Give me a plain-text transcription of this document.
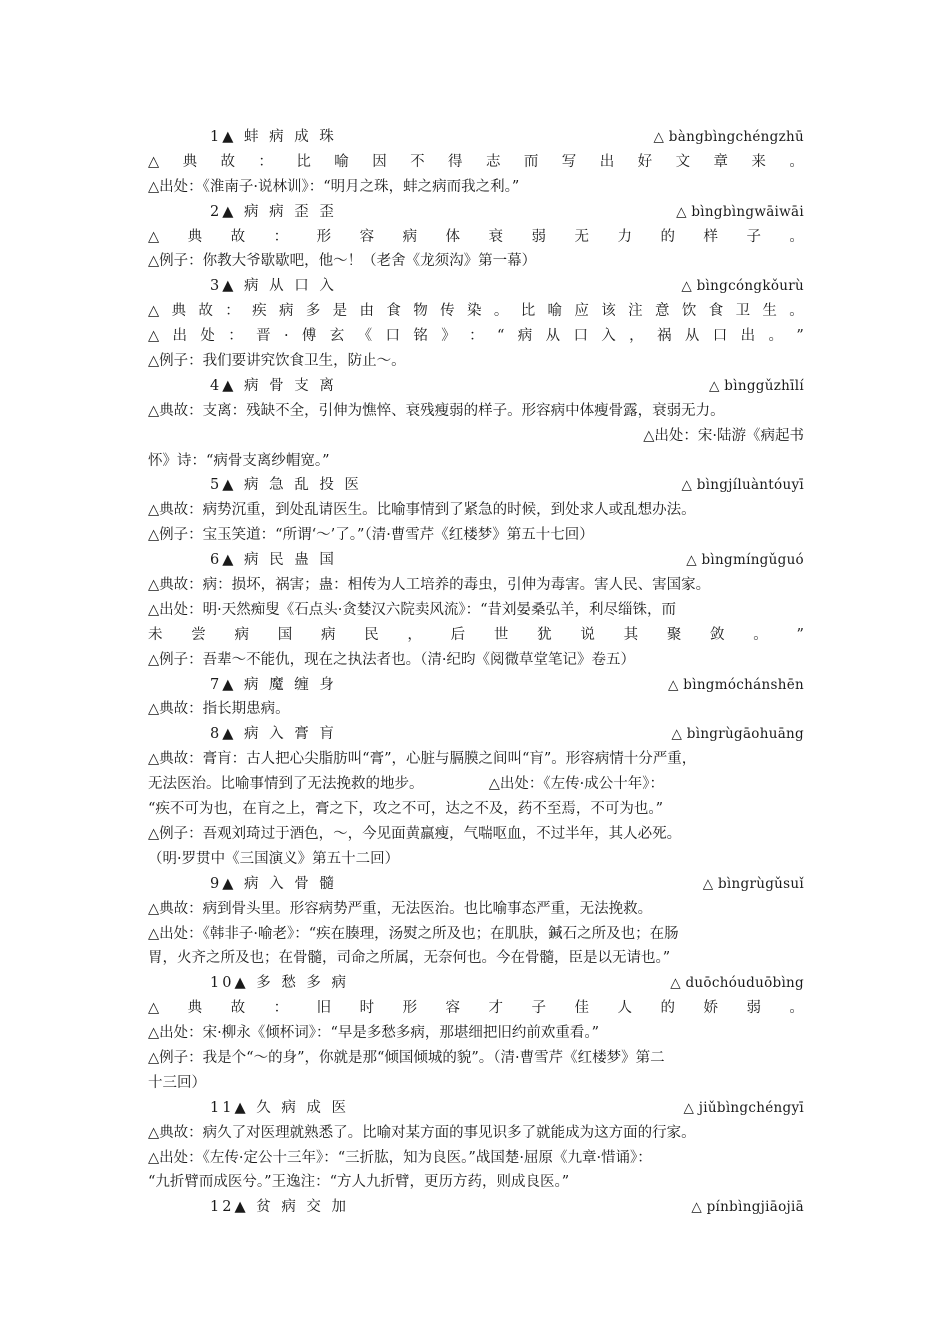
1▲ 蚌 病 成 珠	△ bàngbìngchéngzhū
△ 典 故 ： 比 喻 因 不 得 志 而 写 出 好 文 章 来 。
△出处：《淮南子·说林训》：“明月之珠，蚌之病而我之利。”
2▲ 病 病 歪 歪	△ bìngbìngwāiwāi
△ 典 故 ： 形 容 病 体 衰 弱 无 力 的 样 子 。
△例子：你教大爷歇歇吧，他～！（老舍《龙须沟》第一幕）
3▲ 病 从 口 入	△ bìngcóngkǒurù
△ 典 故 ： 疾 病 多 是 由 食 物 传 染 。 比 喻 应 该 注 意 饮 食 卫 生 。
△ 出 处 ： 晋 · 傅 玄 《 口 铭 》 ： “ 病 从 口 入 ， 祸 从 口 出 。 ”
△例子：我们要讲究饮食卫生，防止～。
4▲ 病 骨 支 离	△ bìnggǔzhīlí
△典故：支离：残缺不全，引伸为憔悴、衰残瘦弱的样子。形容病中体瘦骨露，衰弱无力。
△出处：宋·陆游《病起书
怀》诗：“病骨支离纱帽宽。”
5▲ 病 急 乱 投 医	△ bìngjíluàntóuyī
△典故：病势沉重，到处乱请医生。比喻事情到了紧急的时候，到处求人或乱想办法。
△例子：宝玉笑道：“所谓‘～’了。”（清·曹雪芹《红楼梦》第五十七回）
6▲ 病 民 蛊 国	△ bìngmíngǔguó
△典故：病：损坏，祸害；蛊：相传为人工培养的毒虫，引伸为毒害。害人民、害国家。
△出处：明·天然痴叟《石点头·贪婪汉六院卖风流》：“昔刘晏桑弘羊，利尽缁铢，而
未 尝 病 国 病 民 ， 后 世 犹 说 其 聚 敛 。 ”
△例子：吾辈～不能仇，现在之执法者也。（清·纪昀《阅微草堂笔记》卷五）
7▲ 病 魔 缠 身	△ bìngmóchánshēn
△典故：指长期患病。
8▲ 病 入 膏 肓	△ bìngrùgāohuāng
△典故：膏肓：古人把心尖脂肪叫“膏”，心脏与膈膜之间叫“肓”。形容病情十分严重，
无法医治。比喻事情到了无法挽救的地步。　　　　　△出处：《左传·成公十年》：
“疾不可为也，在肓之上，膏之下，攻之不可，达之不及，药不至焉，不可为也。”
△例子：吾观刘琦过于酒色，～，今见面黄羸瘦，气喘呕血，不过半年，其人必死。
（明·罗贯中《三国演义》第五十二回）
9▲ 病 入 骨 髓	△ bìngrùgǔsuǐ
△典故：病到骨头里。形容病势严重，无法医治。也比喻事态严重，无法挽救。
△出处：《韩非子·喻老》：“疾在腠理，汤熨之所及也；在肌肤，鍼石之所及也；在肠
胃，火齐之所及也；在骨髓，司命之所属，无奈何也。今在骨髓，臣是以无请也。”
10▲ 多 愁 多 病	△ duōchóuduōbìng
△ 典 故 ： 旧 时 形 容 才 子 佳 人 的 娇 弱 。
△出处：宋·柳永《倾杯词》：“早是多愁多病，那堪细把旧约前欢重看。”
△例子：我是个“～的身”，你就是那“倾国倾城的貌”。（清·曹雪芹《红楼梦》第二
十三回）
11▲ 久 病 成 医	△ jiǔbìngchéngyī
△典故：病久了对医理就熟悉了。比喻对某方面的事见识多了就能成为这方面的行家。
△出处：《左传·定公十三年》：“三折肱，知为良医。”战国楚·屈原《九章·惜诵》：
“九折臂而成医兮。”王逸注：“方人九折臂，更历方药，则成良医。”
12▲ 贫 病 交 加	△ pínbìngjiāojiā
